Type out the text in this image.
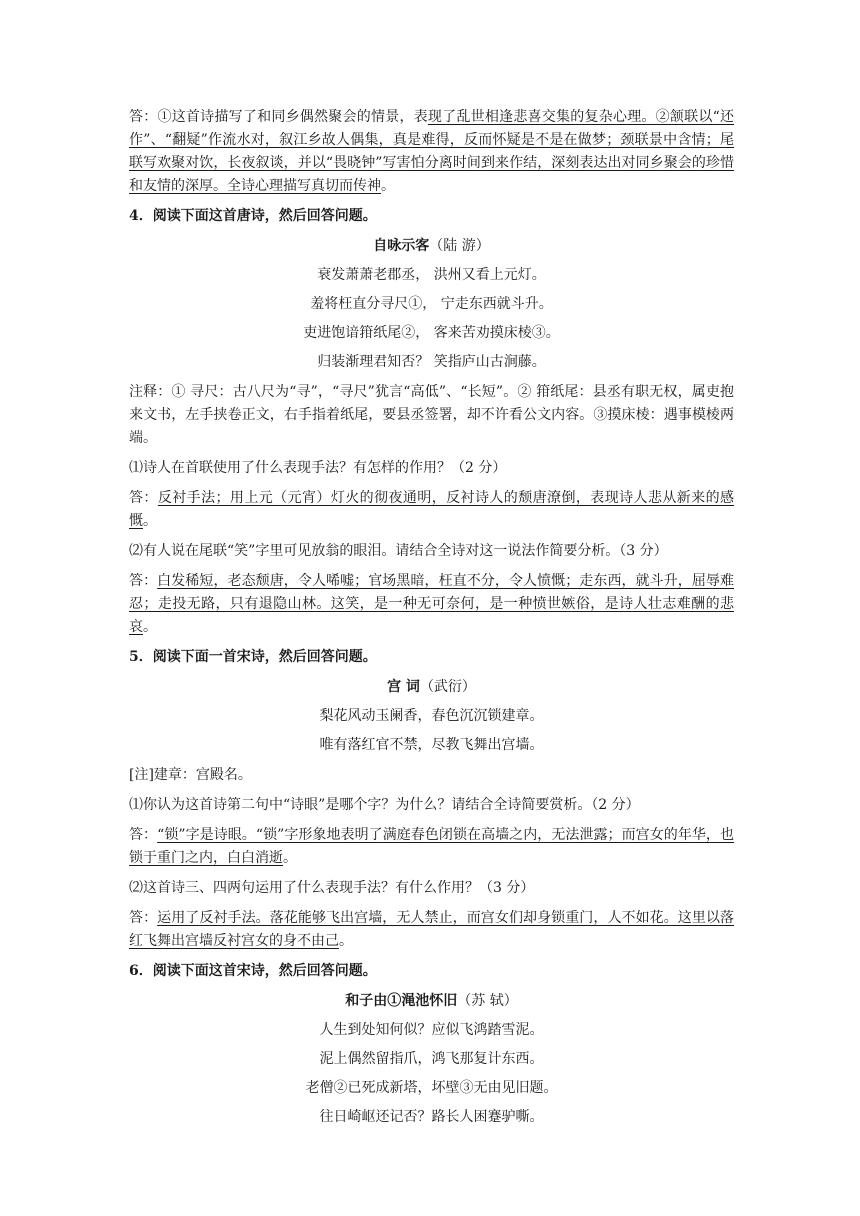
答：①这首诗描写了和同乡偶然聚会的情景，表现了乱世相逢悲喜交集的复杂心理。②颔联以“还作”、“翻疑”作流水对，叙江乡故人偶集，真是难得，反而怀疑是不是在做梦；颈联景中含情；尾联写欢聚对饮，长夜叙谈，并以“畏晓钟”写害怕分离时间到来作结，深刻表达出对同乡聚会的珍惜和友情的深厚。全诗心理描写真切而传神。

4．阅读下面这首唐诗，然后回答问题。

自咏示客（陆 游）

衰发萧萧老郡丞， 洪州又看上元灯。

羞将枉直分寻尺①， 宁走东西就斗升。

吏进饱谙箝纸尾②， 客来苦劝摸床棱③。

归装渐理君知否？ 笑指庐山古涧藤。

注释：① 寻尺：古八尺为“寻”，“寻尺”犹言“高低”、“长短”。② 箝纸尾：县丞有职无权，属吏抱来文书，左手挟卷正文，右手指着纸尾，要县丞签署，却不许看公文内容。③摸床棱：遇事模棱两端。

⑴诗人在首联使用了什么表现手法？有怎样的作用？（2 分）

答：反衬手法；用上元（元宵）灯火的彻夜通明，反衬诗人的颓唐潦倒，表现诗人悲从新来的感慨。

⑵有人说在尾联“笑”字里可见放翁的眼泪。请结合全诗对这一说法作简要分析。（3 分）

答：白发稀短，老态颓唐，令人唏嘘；官场黑暗，枉直不分，令人愤慨；走东西，就斗升，屈辱难忍；走投无路，只有退隐山林。这笑，是一种无可奈何，是一种愤世嫉俗，是诗人壮志难酬的悲哀。

5．阅读下面一首宋诗，然后回答问题。

宫 词（武衍）

梨花风动玉阑香，春色沉沉锁建章。

唯有落红官不禁，尽教飞舞出宫墙。

[注]建章：宫殿名。

⑴你认为这首诗第二句中“诗眼”是哪个字？为什么？请结合全诗简要赏析。（2 分）

答：“锁”字是诗眼。“锁”字形象地表明了满庭春色闭锁在高墙之内，无法泄露；而宫女的年华，也锁于重门之内，白白消逝。

⑵这首诗三、四两句运用了什么表现手法？有什么作用？（3 分）

答：运用了反衬手法。落花能够飞出宫墙，无人禁止，而宫女们却身锁重门，人不如花。这里以落红飞舞出宫墙反衬宫女的身不由己。

6．阅读下面这首宋诗，然后回答问题。

和子由①渑池怀旧（苏 轼）

人生到处知何似？应似飞鸿踏雪泥。

泥上偶然留指爪，鸿飞那复计东西。

老僧②已死成新塔，坏壁③无由见旧题。

往日崎岖还记否？路长人困蹇驴嘶。
